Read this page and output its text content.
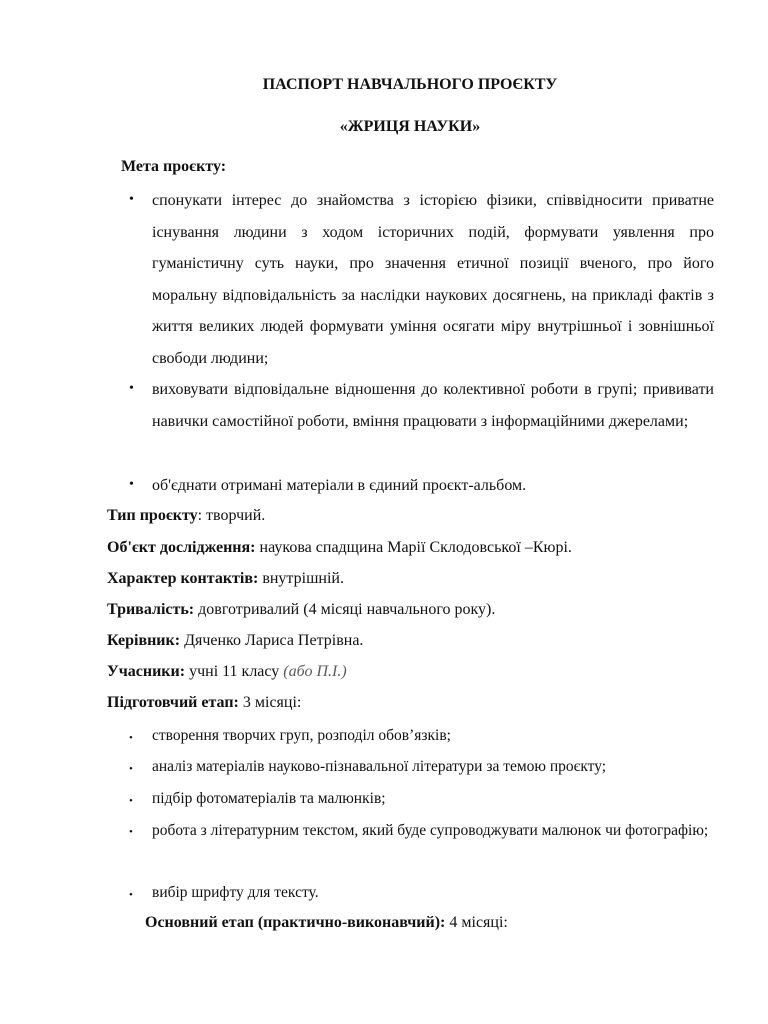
ПАСПОРТ НАВЧАЛЬНОГО ПРОЄКТУ
«ЖРИЦЯ НАУКИ»
Мета проєкту:
• спонукати інтерес до знайомства з історією фізики, співвідносити приватне існування людини з ходом історичних подій, формувати уявлення про гуманістичну суть науки, про значення етичної позиції вченого, про його моральну відповідальність за наслідки наукових досягнень, на прикладі фактів з життя великих людей формувати уміння осягати міру внутрішньої і зовнішньої свободи людини;
• виховувати відповідальне відношення до колективної роботи в групі; прививати навички самостійної роботи, вміння працювати з інформаційними джерелами;
• об'єднати отримані матеріали в єдиний проєкт-альбом.
Тип проєкту: творчий.
Об'єкт дослідження: наукова спадщина Марії Склодовської –Кюрі.
Характер контактів: внутрішній.
Тривалість: довготривалий (4 місяці навчального року).
Керівник: Дяченко Лариса Петрівна.
Учасники: учні 11 класу (або П.І.)
Підготовчий етап: 3 місяці:
• створення творчих груп, розподіл обов’язків;
• аналіз матеріалів науково-пізнавальної літератури за темою проєкту;
• підбір фотоматеріалів та малюнків;
• робота з літературним текстом, який буде супроводжувати малюнок чи фотографію;
• вибір шрифту для тексту.
Основний етап (практично-виконавчий): 4 місяці:
